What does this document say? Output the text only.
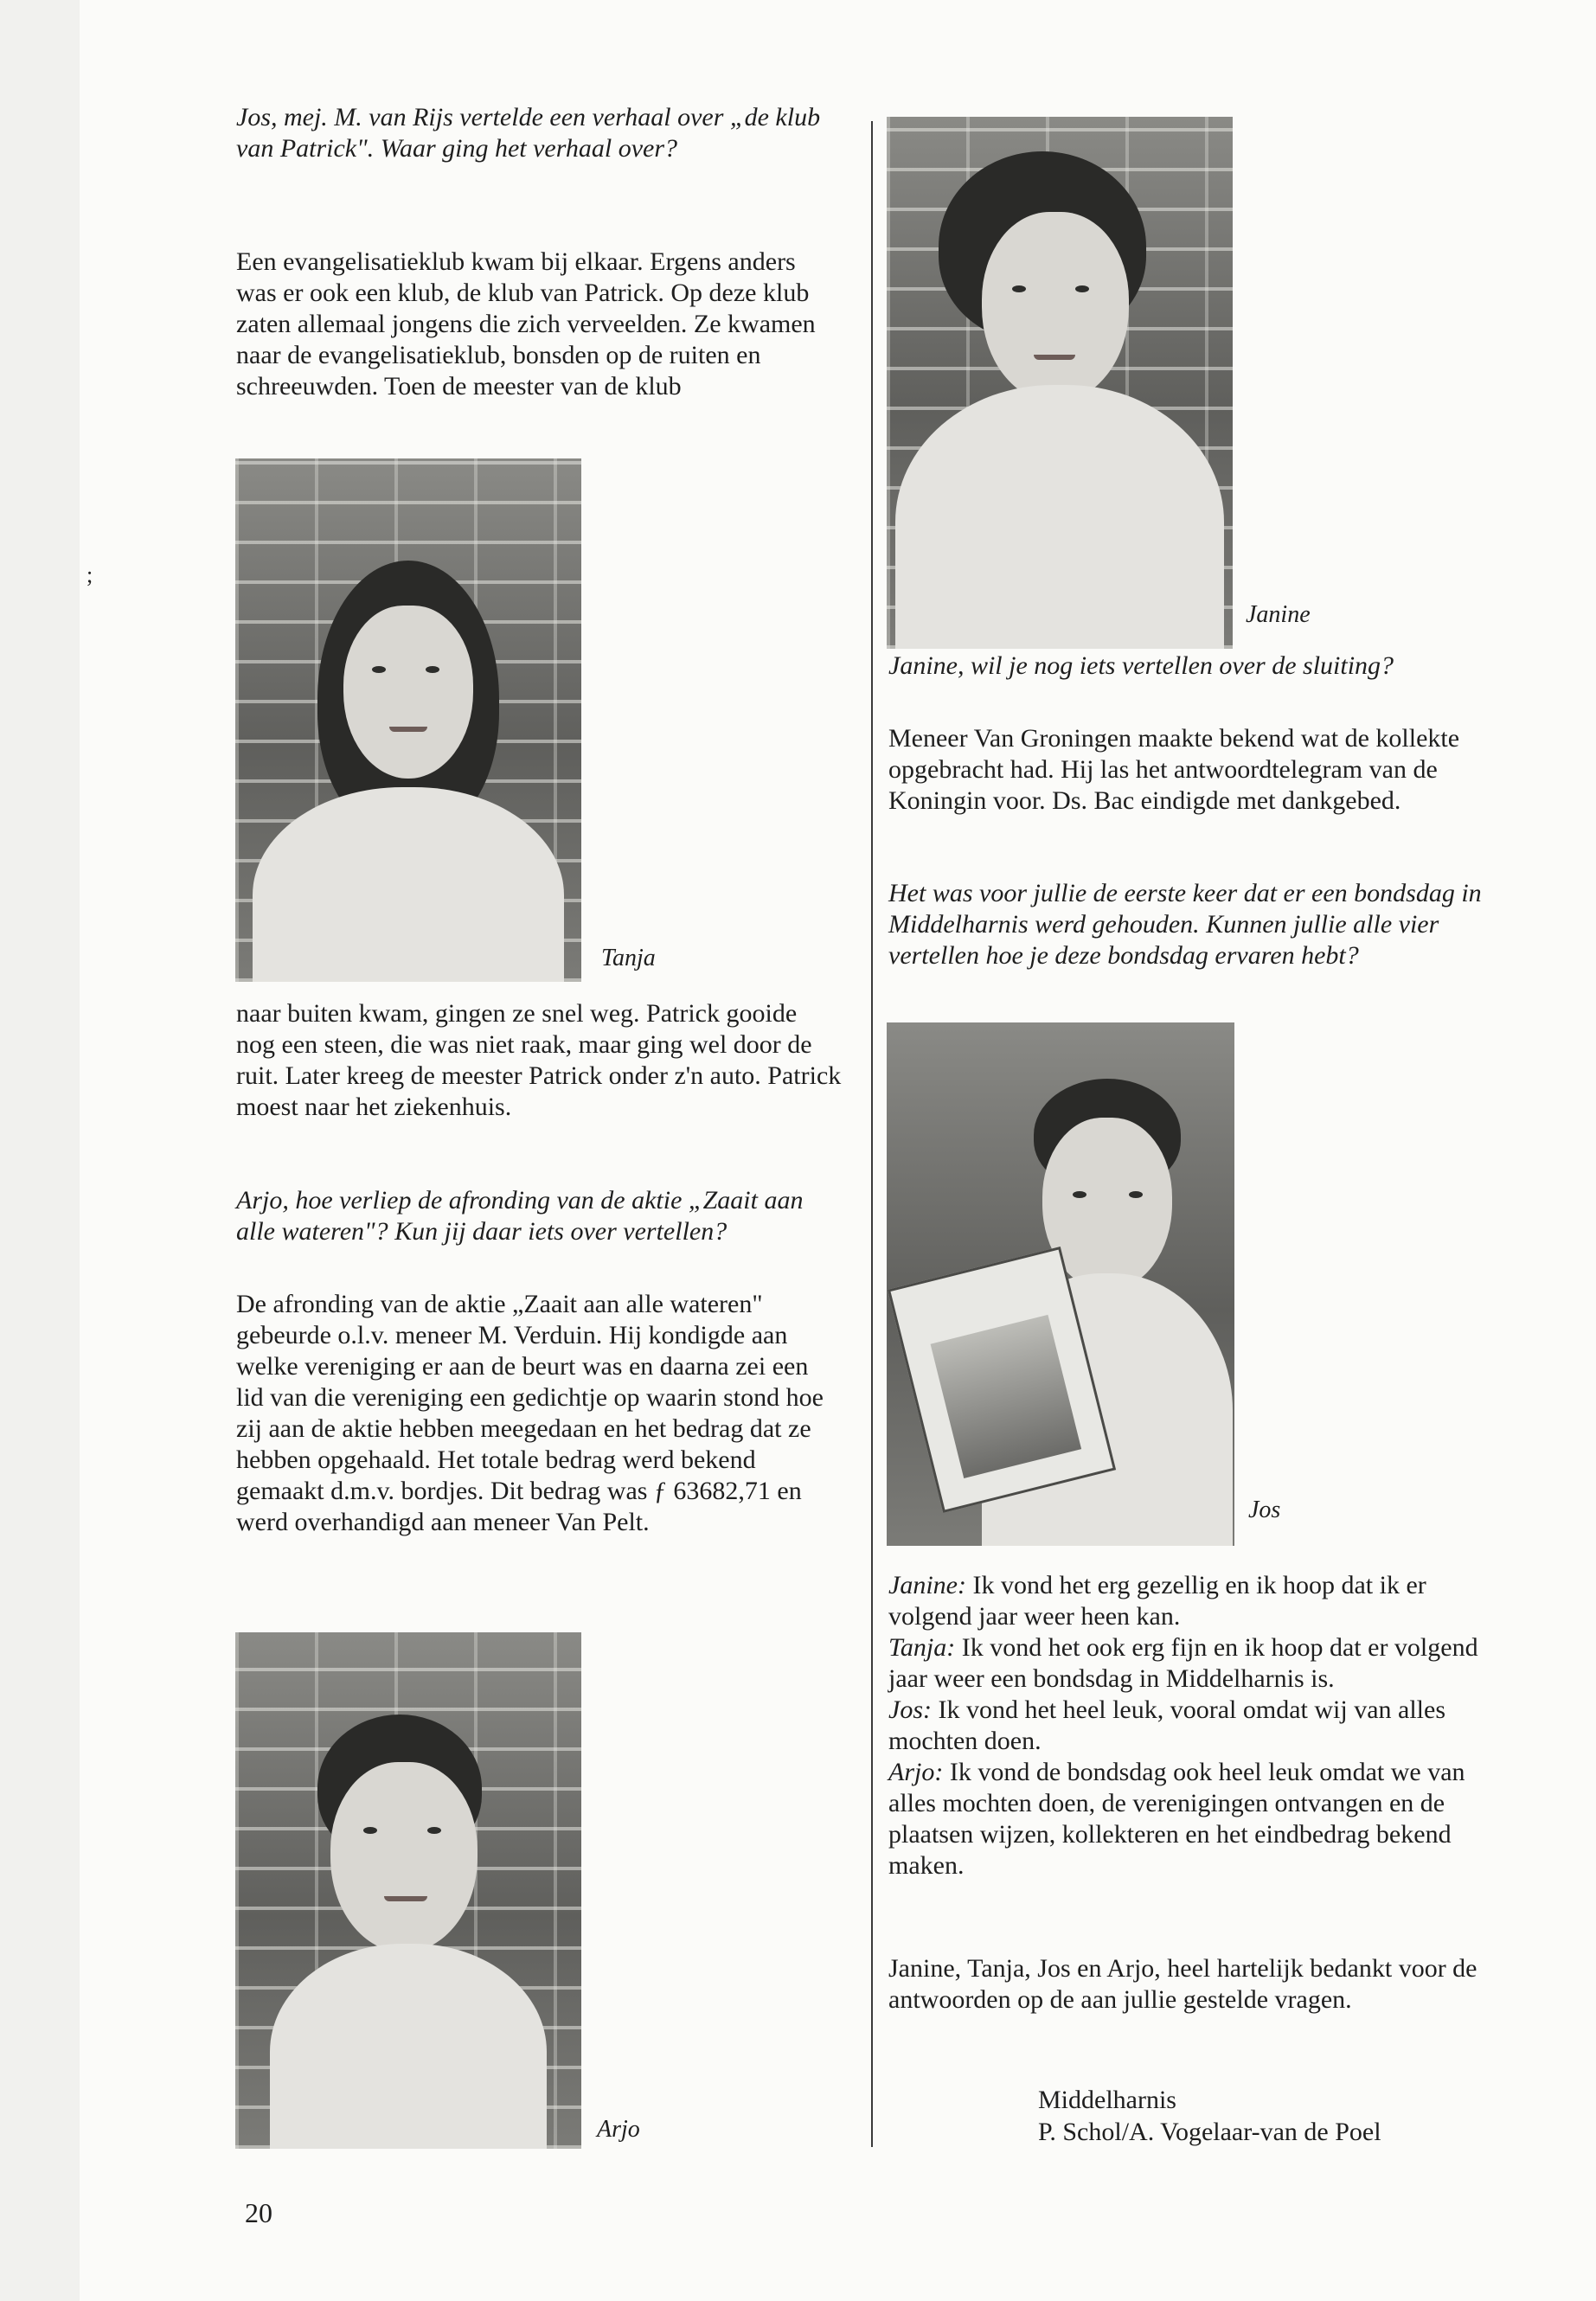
Jos, mej. M. van Rijs vertelde een verhaal over „de klub van Patrick". Waar ging het verhaal over?

Een evangelisatieklub kwam bij elkaar. Ergens anders was er ook een klub, de klub van Patrick. Op deze klub zaten allemaal jongens die zich verveelden. Ze kwamen naar de evangelisatieklub, bonsden op de ruiten en schreeuwden. Toen de meester van de klub

Tanja

naar buiten kwam, gingen ze snel weg. Patrick gooide nog een steen, die was niet raak, maar ging wel door de ruit. Later kreeg de meester Patrick onder z'n auto. Patrick moest naar het ziekenhuis.

Arjo, hoe verliep de afronding van de aktie „Zaait aan alle wateren"? Kun jij daar iets over vertellen?

De afronding van de aktie „Zaait aan alle wateren" gebeurde o.l.v. meneer M. Verduin. Hij kondigde aan welke vereniging er aan de beurt was en daarna zei een lid van die vereniging een gedichtje op waarin stond hoe zij aan de aktie hebben meegedaan en het bedrag dat ze hebben opgehaald. Het totale bedrag werd bekend gemaakt d.m.v. bordjes. Dit bedrag was ƒ 63682,71 en werd overhandigd aan meneer Van Pelt.

Arjo
Janine

Janine, wil je nog iets vertellen over de sluiting?

Meneer Van Groningen maakte bekend wat de kollekte opgebracht had. Hij las het antwoordtelegram van de Koningin voor. Ds. Bac eindigde met dankgebed.

Het was voor jullie de eerste keer dat er een bondsdag in Middelharnis werd gehouden. Kunnen jullie alle vier vertellen hoe je deze bondsdag ervaren hebt?

Jos
Janine: Ik vond het erg gezellig en ik hoop dat ik er volgend jaar weer heen kan.
Tanja: Ik vond het ook erg fijn en ik hoop dat er volgend jaar weer een bondsdag in Middelharnis is.
Jos: Ik vond het heel leuk, vooral omdat wij van alles mochten doen.
Arjo: Ik vond de bondsdag ook heel leuk omdat we van alles mochten doen, de verenigingen ontvangen en de plaatsen wijzen, kollekteren en het eindbedrag bekend maken.

Janine, Tanja, Jos en Arjo, heel hartelijk bedankt voor de antwoorden op de aan jullie gestelde vragen.

Middelharnis

P. Schol/A. Vogelaar-van de Poel

20
;
